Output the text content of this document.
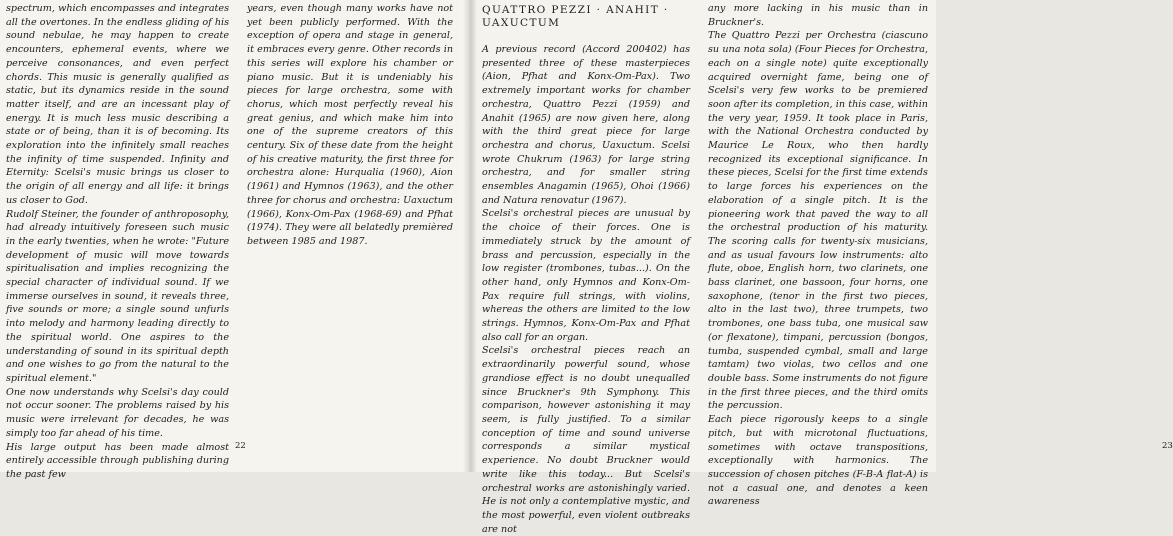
spectrum, which encompasses and integrates all the overtones. In the endless gliding of his sound nebulae, he may happen to create encounters, ephemeral events, where we perceive consonances, and even perfect chords. This music is generally qualified as static, but its dynamics reside in the sound matter itself, and are an incessant play of energy. It is much less music describing a state or of being, than it is of becoming. Its exploration into the infinitely small reaches the infinity of time suspended. Infinity and Eternity: Scelsi's music brings us closer to the origin of all energy and all life: it brings us closer to God.

Rudolf Steiner, the founder of anthroposophy, had already intuitively foreseen such music in the early twenties, when he wrote: "Future development of music will move towards spiritualisation and implies recognizing the special character of individual sound. If we immerse ourselves in sound, it reveals three, five sounds or more; a single sound unfurls into melody and harmony leading directly to the spiritual world. One aspires to the understanding of sound in its spiritual depth and one wishes to go from the natural to the spiritual element."

One now understands why Scelsi's day could not occur sooner. The problems raised by his music were irrelevant for decades, he was simply too far ahead of his time.

His large output has been made almost entirely accessible through publishing during the past few

years, even though many works have not yet been publicly performed. With the exception of opera and stage in general, it embraces every genre. Other records in this series will explore his chamber or piano music. But it is undeniably his pieces for large orchestra, some with chorus, which most perfectly reveal his great genius, and which make him into one of the supreme creators of this century. Six of these date from the height of his creative maturity, the first three for orchestra alone: Hurqualia (1960), Aion (1961) and Hymnos (1963), and the other three for chorus and orchestra: Uaxuctum (1966), Konx-Om-Pax (1968-69) and Pfhat (1974). They were all belatedly premièred between 1985 and 1987.

22	23

QUATTRO PEZZI · ANAHIT · UAXUCTUM

A previous record (Accord 200402) has presented three of these masterpieces (Aion, Pfhat and Konx-Om-Pax). Two extremely important works for chamber orchestra, Quattro Pezzi (1959) and Anahit (1965) are now given here, along with the third great piece for large orchestra and chorus, Uaxuctum. Scelsi wrote Chukrum (1963) for large string orchestra, and for smaller string ensembles Anagamin (1965), Ohoi (1966) and Natura renovatur (1967).

Scelsi's orchestral pieces are unusual by the choice of their forces. One is immediately struck by the amount of brass and percussion, especially in the low register (trombones, tubas...). On the other hand, only Hymnos and Konx-Om-Pax require full strings, with violins, whereas the others are limited to the low strings. Hymnos, Konx-Om-Pax and Pfhat also call for an organ.

Scelsi's orchestral pieces reach an extraordinarily powerful sound, whose grandiose effect is no doubt unequalled since Bruckner's 9th Symphony. This comparison, however astonishing it may seem, is fully justified. To a similar conception of time and sound universe corresponds a similar mystical experience. No doubt Bruckner would write like this today... But Scelsi's orchestral works are astonishingly varied. He is not only a contemplative mystic, and the most powerful, even violent outbreaks are not

any more lacking in his music than in Bruckner's.

The Quattro Pezzi per Orchestra (ciascuno su una nota sola) (Four Pieces for Orchestra, each on a single note) quite exceptionally acquired overnight fame, being one of Scelsi's very few works to be premiered soon after its completion, in this case, within the very year, 1959. It took place in Paris, with the National Orchestra conducted by Maurice Le Roux, who then hardly recognized its exceptional significance. In these pieces, Scelsi for the first time extends to large forces his experiences on the elaboration of a single pitch. It is the pioneering work that paved the way to all the orchestral production of his maturity. The scoring calls for twenty-six musicians, and as usual favours low instruments: alto flute, oboe, English horn, two clarinets, one bass clarinet, one bassoon, four horns, one saxophone, (tenor in the first two pieces, alto in the last two), three trumpets, two trombones, one bass tuba, one musical saw (or flexatone), timpani, percussion (bongos, tumba, suspended cymbal, small and large tamtam) two violas, two cellos and one double bass. Some instruments do not figure in the first three pieces, and the third omits the percussion.

Each piece rigorously keeps to a single pitch, but with microtonal fluctuations, sometimes with octave transpositions, exceptionally with harmonics. The succession of chosen pitches (F-B-A flat-A) is not a casual one, and denotes a keen awareness
